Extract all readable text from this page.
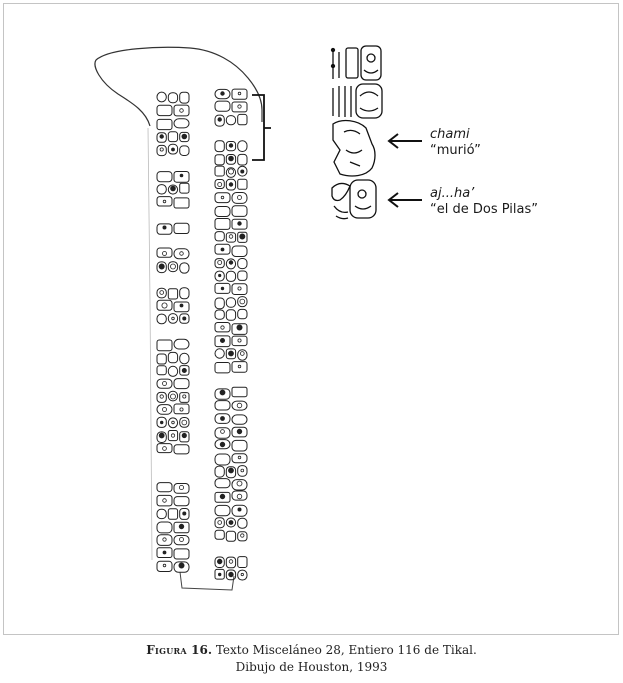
chami
“murió”
aj...ha’
“el de Dos Pilas”
Figura 16. Texto Misceláneo 28, Entiero 116 de Tikal.
Dibujo de Houston, 1993
